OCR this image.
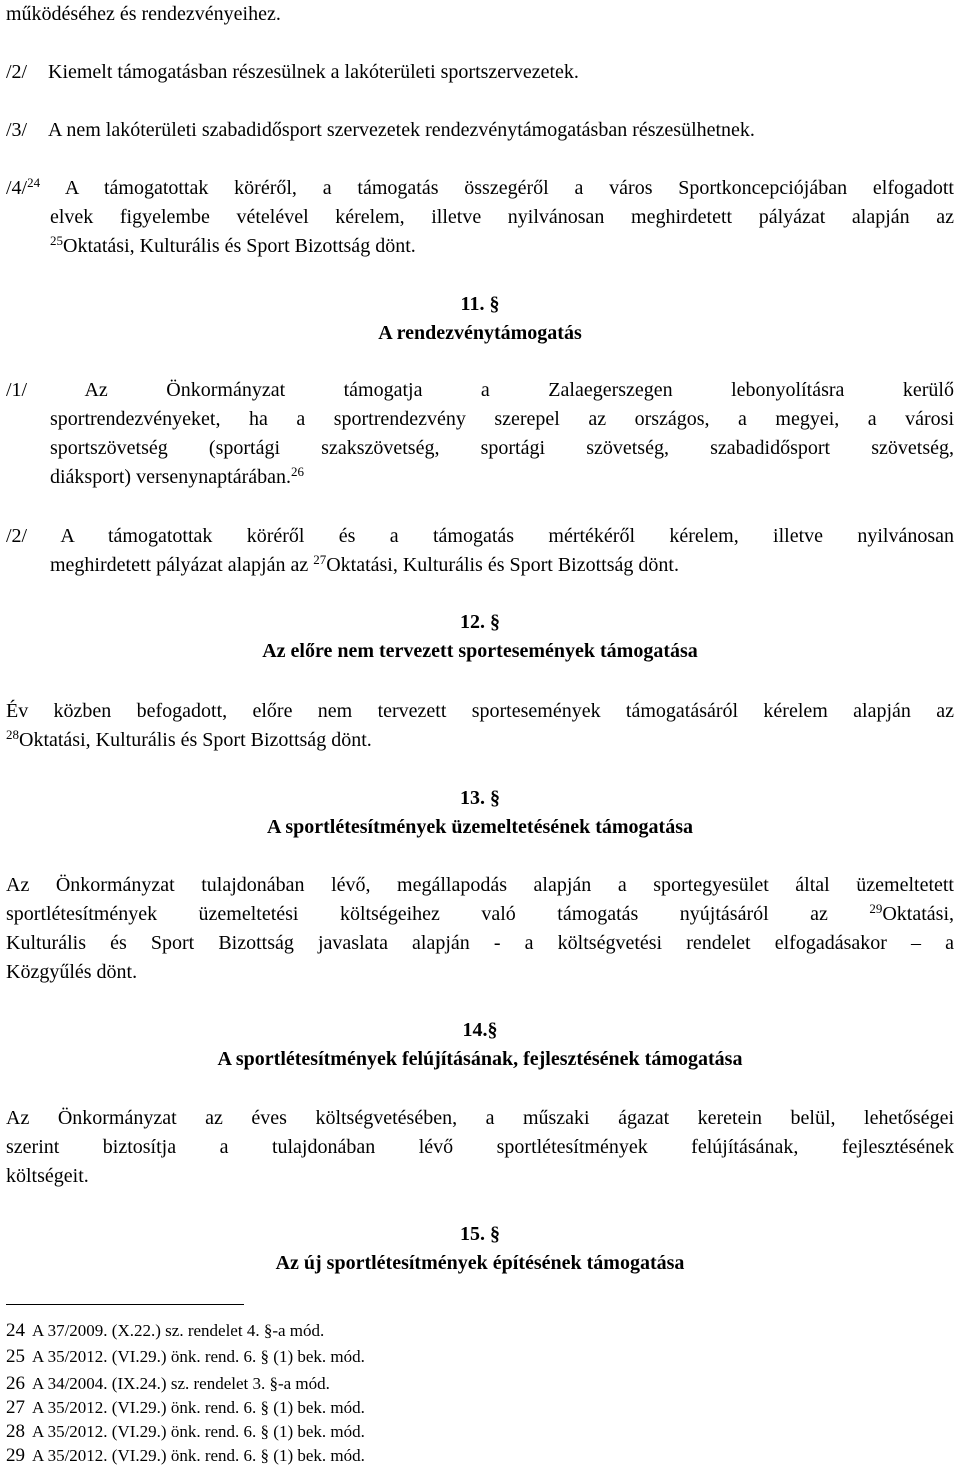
működéséhez és rendezvényeihez.
/2/ Kiemelt támogatásban részesülnek a lakóterületi sportszervezetek.
/3/ A nem lakóterületi szabadidősport szervezetek rendezvénytámogatásban részesülhetnek.
/4/$^{24}$ A támogatottak köréről, a támogatás összegéről a város Sportkoncepciójában elfogadott
elvek figyelembe vételével kérelem, illetve nyilvánosan meghirdetett pályázat alapján az
$^{25}$Oktatási, Kulturális és Sport Bizottság dönt.
11. §
A rendezvénytámogatás
/1/ Az Önkormányzat támogatja a Zalaegerszegen lebonyolításra kerülő
sportrendezvényeket, ha a sportrendezvény szerepel az országos, a megyei, a városi
sportszövetség (sportági szakszövetség, sportági szövetség, szabadidősport szövetség,
diáksport) versenynaptárában.$^{26}$
/2/ A támogatottak köréről és a támogatás mértékéről kérelem, illetve nyilvánosan
meghirdetett pályázat alapján az $^{27}$Oktatási, Kulturális és Sport Bizottság dönt.
12. §
Az előre nem tervezett sportesemények támogatása
Év közben befogadott, előre nem tervezett sportesemények támogatásáról kérelem alapján az
$^{28}$Oktatási, Kulturális és Sport Bizottság dönt.
13. §
A sportlétesítmények üzemeltetésének támogatása
Az Önkormányzat tulajdonában lévő, megállapodás alapján a sportegyesület által üzemeltetett
sportlétesítmények üzemeltetési költségeihez való támogatás nyújtásáról az $^{29}$Oktatási,
Kulturális és Sport Bizottság javaslata alapján - a költségvetési rendelet elfogadásakor – a
Közgyűlés dönt.
14.§
A sportlétesítmények felújításának, fejlesztésének támogatása
Az Önkormányzat az éves költségvetésében, a műszaki ágazat keretein belül, lehetőségei
szerint biztosítja a tulajdonában lévő sportlétesítmények felújításának, fejlesztésének
költségeit.
15. §
Az új sportlétesítmények építésének támogatása
24 A 37/2009. (X.22.) sz. rendelet 4. §-a mód.
25 A 35/2012. (VI.29.) önk. rend. 6. § (1) bek. mód.
26 A 34/2004. (IX.24.) sz. rendelet 3. §-a mód.
27 A 35/2012. (VI.29.) önk. rend. 6. § (1) bek. mód.
28 A 35/2012. (VI.29.) önk. rend. 6. § (1) bek. mód.
29 A 35/2012. (VI.29.) önk. rend. 6. § (1) bek. mód.
